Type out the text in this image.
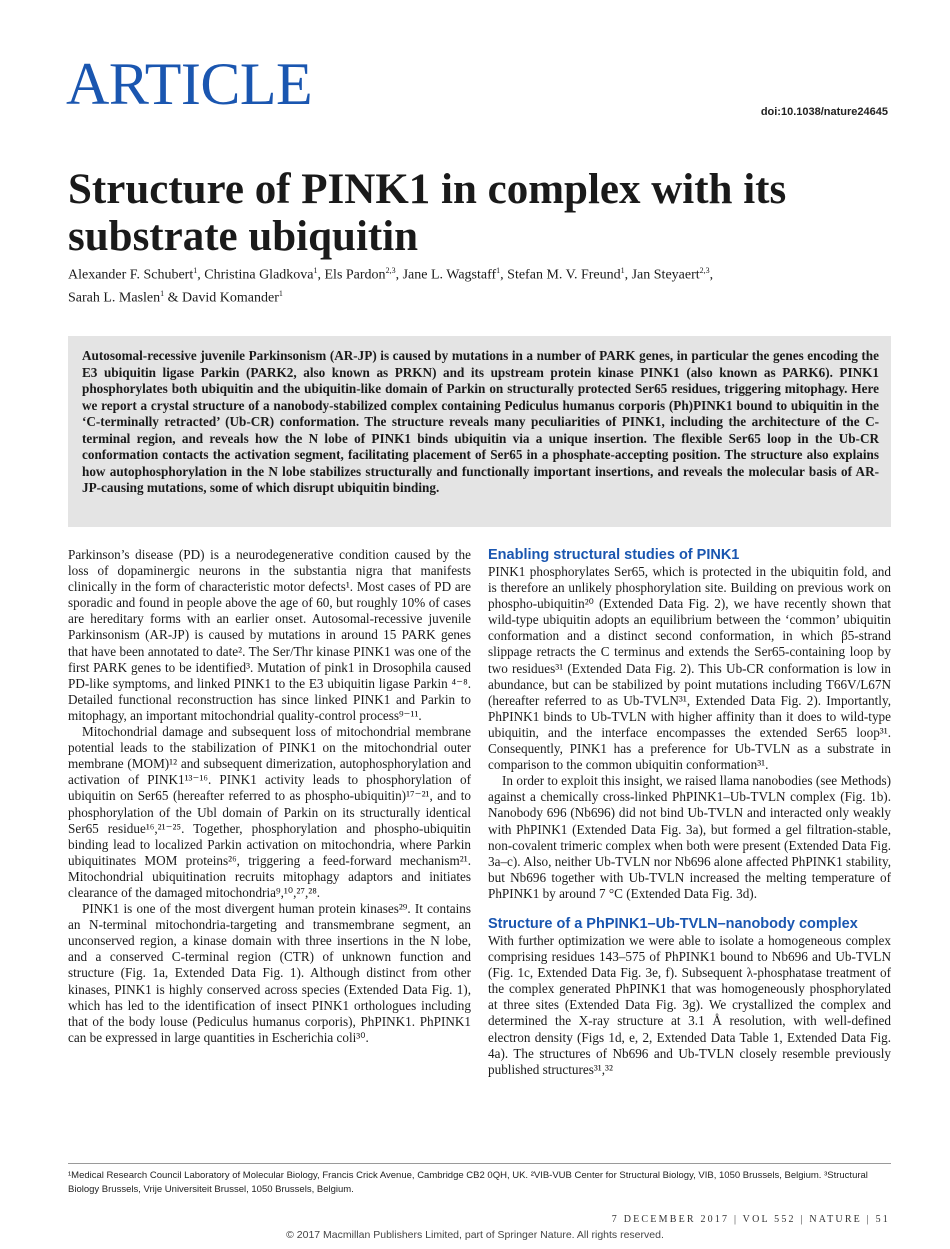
ARTICLE	doi:10.1038/nature24645
Structure of PINK1 in complex with its
substrate ubiquitin
Alexander F. Schubert$^1$, Christina Gladkova$^1$, Els Pardon$^{2,3}$, Jane L. Wagstaff$^1$, Stefan M. V. Freund$^1$, Jan Steyaert$^{2,3}$,
Sarah L. Maslen$^1$ & David Komander$^1$

Autosomal-recessive juvenile Parkinsonism (AR-JP) is caused by mutations in a number of PARK genes, in particular the genes encoding the E3 ubiquitin ligase Parkin (PARK2, also known as PRKN) and its upstream protein kinase PINK1 (also known as PARK6). PINK1 phosphorylates both ubiquitin and the ubiquitin-like domain of Parkin on structurally protected Ser65 residues, triggering mitophagy. Here we report a crystal structure of a nanobody-stabilized complex containing Pediculus humanus corporis (Ph)PINK1 bound to ubiquitin in the ‘C-terminally retracted’ (Ub-CR) conformation. The structure reveals many peculiarities of PINK1, including the architecture of the C-terminal region, and reveals how the N lobe of PINK1 binds ubiquitin via a unique insertion. The flexible Ser65 loop in the Ub-CR conformation contacts the activation segment, facilitating placement of Ser65 in a phosphate-accepting position. The structure also explains how autophosphorylation in the N lobe stabilizes structurally and functionally important insertions, and reveals the molecular basis of AR-JP-causing mutations, some of which disrupt ubiquitin binding.

Parkinson’s disease (PD) is a neurodegenerative condition caused by the loss of dopaminergic neurons in the substantia nigra that manifests clinically in the form of characteristic motor defects¹. Most cases of PD are sporadic and found in people above the age of 60, but roughly 10% of cases are hereditary forms with an earlier onset. Autosomal-recessive juvenile Parkinsonism (AR-JP) is caused by mutations in around 15 PARK genes that have been annotated to date². The Ser/Thr kinase PINK1 was one of the first PARK genes to be identified³. Mutation of pink1 in Drosophila caused PD-like symptoms, and linked PINK1 to the E3 ubiquitin ligase Parkin ⁴⁻⁸. Detailed functional reconstruction has since linked PINK1 and Parkin to mitophagy, an important mitochondrial quality-control process⁹⁻¹¹.

Mitochondrial damage and subsequent loss of mitochondrial membrane potential leads to the stabilization of PINK1 on the mitochondrial outer membrane (MOM)¹² and subsequent dimerization, autophosphorylation and activation of PINK1¹³⁻¹⁶. PINK1 activity leads to phosphorylation of ubiquitin on Ser65 (hereafter referred to as phospho-ubiquitin)¹⁷⁻²¹, and to phosphorylation of the Ubl domain of Parkin on its structurally identical Ser65 residue¹⁶,²¹⁻²⁵. Together, phosphorylation and phospho-ubiquitin binding lead to localized Parkin activation on mitochondria, where Parkin ubiquitinates MOM proteins²⁶, triggering a feed-forward mechanism²¹. Mitochondrial ubiquitination recruits mitophagy adaptors and initiates clearance of the damaged mitochondria⁹,¹⁰,²⁷,²⁸.

PINK1 is one of the most divergent human protein kinases²⁹. It contains an N-terminal mitochondria-targeting and transmembrane segment, an unconserved region, a kinase domain with three insertions in the N lobe, and a conserved C-terminal region (CTR) of unknown function and structure (Fig. 1a, Extended Data Fig. 1). Although distinct from other kinases, PINK1 is highly conserved across species (Extended Data Fig. 1), which has led to the identification of insect PINK1 orthologues including that of the body louse (Pediculus humanus corporis), PhPINK1. PhPINK1 can be expressed in large quantities in Escherichia coli³⁰.

Enabling structural studies of PINK1

PINK1 phosphorylates Ser65, which is protected in the ubiquitin fold, and is therefore an unlikely phosphorylation site. Building on previous work on phospho-ubiquitin²⁰ (Extended Data Fig. 2), we have recently shown that wild-type ubiquitin adopts an equilibrium between the ‘common’ ubiquitin conformation and a distinct second conformation, in which β5-strand slippage retracts the C terminus and extends the Ser65-containing loop by two residues³¹ (Extended Data Fig. 2). This Ub-CR conformation is low in abundance, but can be stabilized by point mutations including T66V/L67N (hereafter referred to as Ub-TVLN³¹, Extended Data Fig. 2). Importantly, PhPINK1 binds to Ub-TVLN with higher affinity than it does to wild-type ubiquitin, and the interface encompasses the extended Ser65 loop³¹. Consequently, PINK1 has a preference for Ub-TVLN as a substrate in comparison to the common ubiquitin conformation³¹.

In order to exploit this insight, we raised llama nanobodies (see Methods) against a chemically cross-linked PhPINK1–Ub-TVLN complex (Fig. 1b). Nanobody 696 (Nb696) did not bind Ub-TVLN and interacted only weakly with PhPINK1 (Extended Data Fig. 3a), but formed a gel filtration-stable, non-covalent trimeric complex when both were present (Extended Data Fig. 3a–c). Also, neither Ub-TVLN nor Nb696 alone affected PhPINK1 stability, but Nb696 together with Ub-TVLN increased the melting temperature of PhPINK1 by around 7 °C (Extended Data Fig. 3d).

Structure of a PhPINK1–Ub-TVLN–nanobody complex

With further optimization we were able to isolate a homogeneous complex comprising residues 143–575 of PhPINK1 bound to Nb696 and Ub-TVLN (Fig. 1c, Extended Data Fig. 3e, f). Subsequent λ-phosphatase treatment of the complex generated PhPINK1 that was homogeneously phosphorylated at three sites (Extended Data Fig. 3g). We crystallized the complex and determined the X-ray structure at 3.1 Å resolution, with well-defined electron density (Figs 1d, e, 2, Extended Data Table 1, Extended Data Fig. 4a). The structures of Nb696 and Ub-TVLN closely resemble previously published structures³¹,³²

¹Medical Research Council Laboratory of Molecular Biology, Francis Crick Avenue, Cambridge CB2 0QH, UK. ²VIB-VUB Center for Structural Biology, VIB, 1050 Brussels, Belgium. ³Structural Biology Brussels, Vrije Universiteit Brussel, 1050 Brussels, Belgium.
7 DECEMBER 2017 | VOL 552 | NATURE | 51
© 2017 Macmillan Publishers Limited, part of Springer Nature. All rights reserved.
